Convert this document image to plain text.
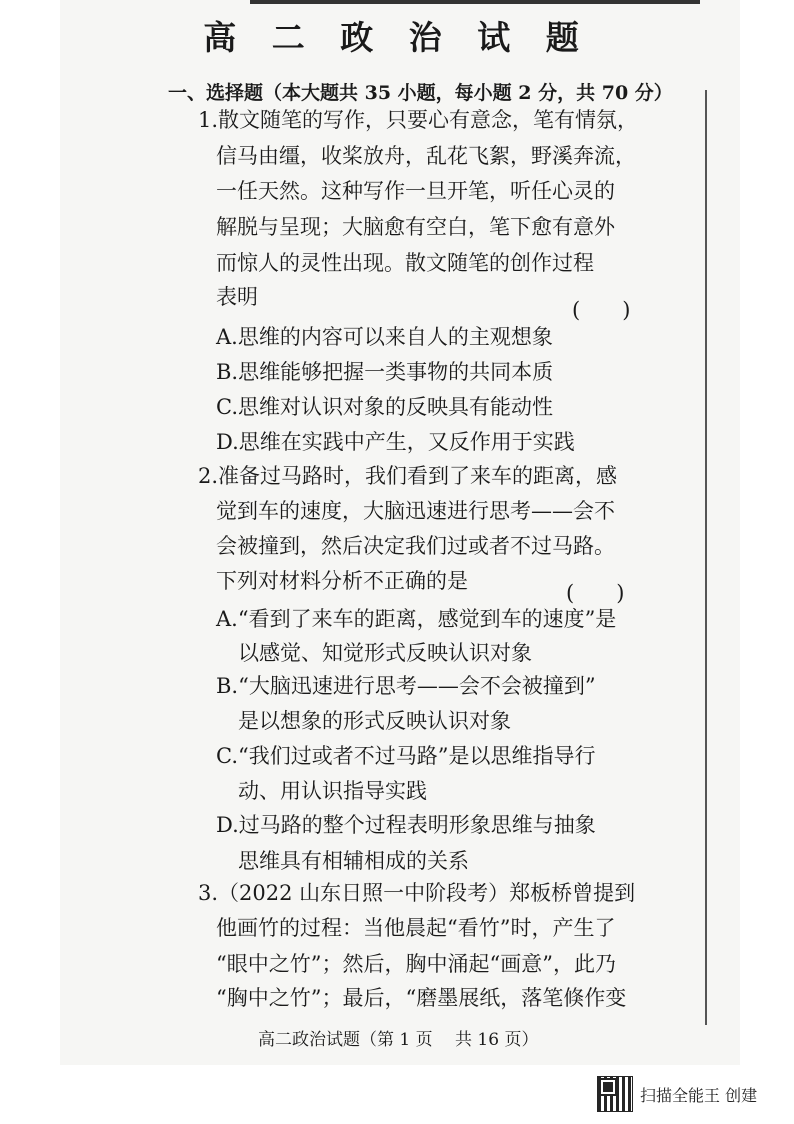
高 二 政 治 试 题
一、选择题（本大题共 35 小题，每小题 2 分，共 70 分）
1.散文随笔的写作，只要心有意念，笔有情氛，
信马由缰，收桨放舟，乱花飞絮，野溪奔流，
一任天然。这种写作一旦开笔，听任心灵的
解脱与呈现；大脑愈有空白，笔下愈有意外
而惊人的灵性出现。散文随笔的创作过程
表明
(　　)
A.思维的内容可以来自人的主观想象
B.思维能够把握一类事物的共同本质
C.思维对认识对象的反映具有能动性
D.思维在实践中产生，又反作用于实践
2.准备过马路时，我们看到了来车的距离，感
觉到车的速度，大脑迅速进行思考——会不
会被撞到，然后决定我们过或者不过马路。
下列对材料分析不正确的是	(　　)
A.“看到了来车的距离，感觉到车的速度”是
以感觉、知觉形式反映认识对象
B.“大脑迅速进行思考——会不会被撞到”
是以想象的形式反映认识对象
C.“我们过或者不过马路”是以思维指导行
动、用认识指导实践
D.过马路的整个过程表明形象思维与抽象
思维具有相辅相成的关系
3.（2022 山东日照一中阶段考）郑板桥曾提到
他画竹的过程：当他晨起“看竹”时，产生了
“眼中之竹”；然后，胸中涌起“画意”，此乃
“胸中之竹”；最后，“磨墨展纸，落笔倏作变
高二政治试题（第 1 页　 共 16 页）
扫描全能王 创建
